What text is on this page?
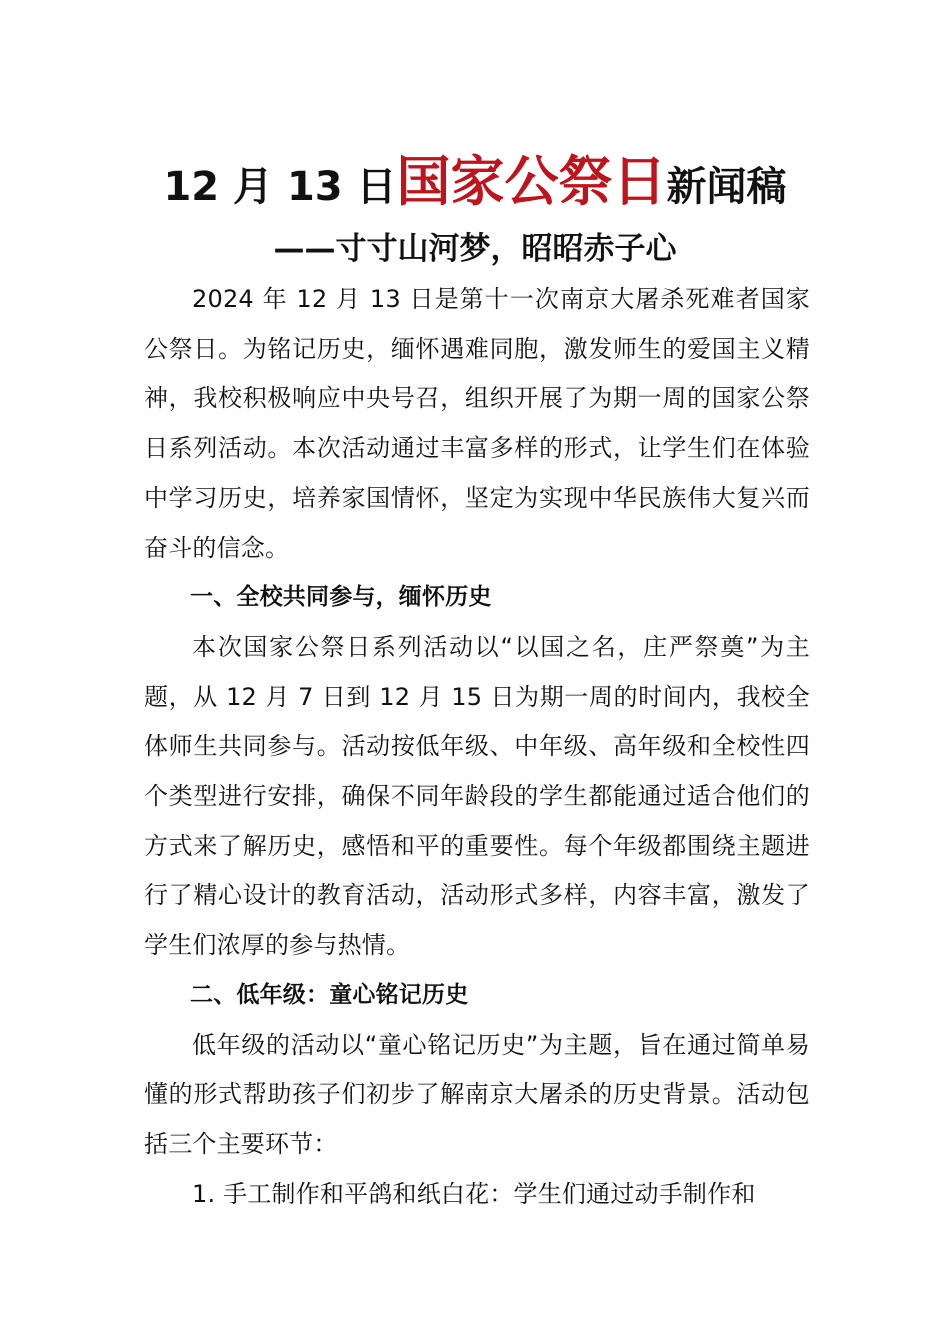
12 月 13 日国家公祭日新闻稿
——寸寸山河梦，昭昭赤子心

2024 年 12 月 13 日是第十一次南京大屠杀死难者国家公祭日。为铭记历史，缅怀遇难同胞，激发师生的爱国主义精神，我校积极响应中央号召，组织开展了为期一周的国家公祭日系列活动。本次活动通过丰富多样的形式，让学生们在体验中学习历史，培养家国情怀，坚定为实现中华民族伟大复兴而奋斗的信念。

一、全校共同参与，缅怀历史

本次国家公祭日系列活动以“以国之名，庄严祭奠”为主题，从 12 月 7 日到 12 月 15 日为期一周的时间内，我校全体师生共同参与。活动按低年级、中年级、高年级和全校性四个类型进行安排，确保不同年龄段的学生都能通过适合他们的方式来了解历史，感悟和平的重要性。每个年级都围绕主题进行了精心设计的教育活动，活动形式多样，内容丰富，激发了学生们浓厚的参与热情。

二、低年级：童心铭记历史

低年级的活动以“童心铭记历史”为主题，旨在通过简单易懂的形式帮助孩子们初步了解南京大屠杀的历史背景。活动包括三个主要环节：

1. 手工制作和平鸽和纸白花：学生们通过动手制作和
